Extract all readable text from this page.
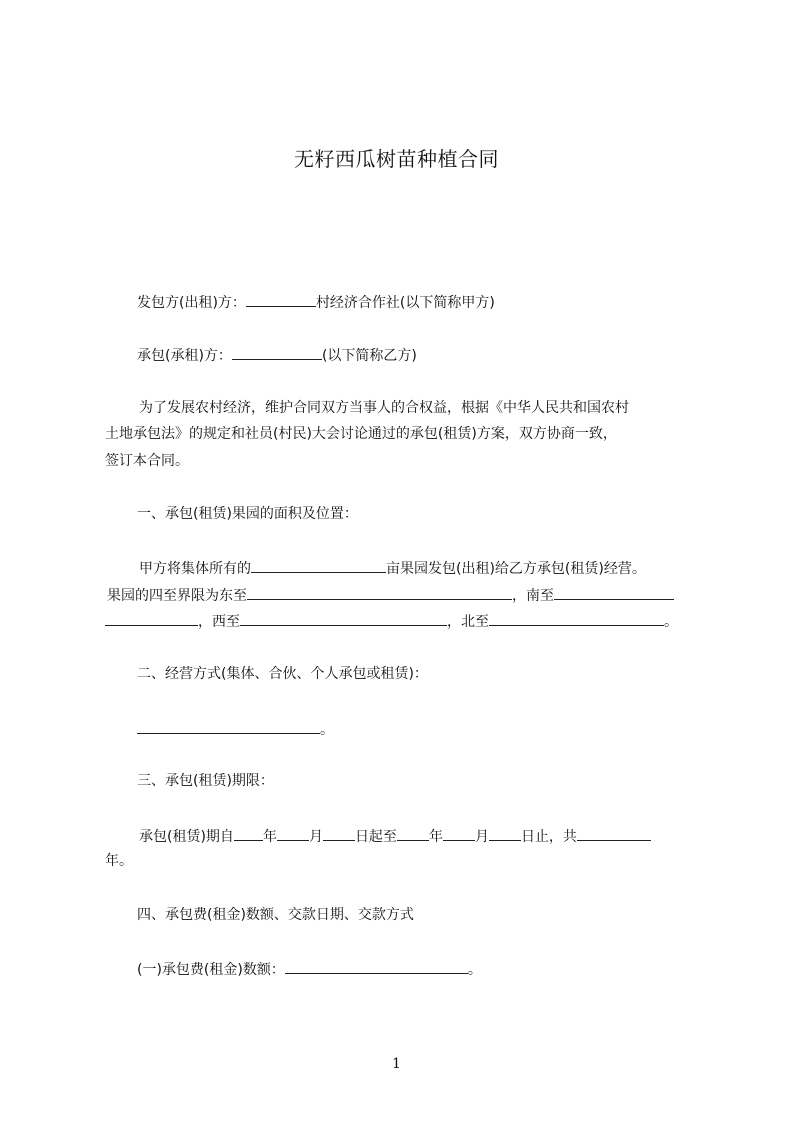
无籽西瓜树苗种植合同
发包方(出租)方：	村经济合作社(以下简称甲方)
承包(承租)方：	(以下简称乙方)
为了发展农村经济，维护合同双方当事人的合权益，根据《中华人民共和国农村
土地承包法》的规定和社员(村民)大会讨论通过的承包(租赁)方案，双方协商一致，
签订本合同。
一、承包(租赁)果园的面积及位置：
甲方将集体所有的	亩果园发包(出租)给乙方承包(租赁)经营。
果园的四至界限为东至	，南至
，西至	，北至	。
二、经营方式(集体、合伙、个人承包或租赁)：
。
三、承包(租赁)期限：
承包(租赁)期自 年 月 日起至 年 月 日止，共
年。
四、承包费(租金)数额、交款日期、交款方式
(一)承包费(租金)数额：	。
1
